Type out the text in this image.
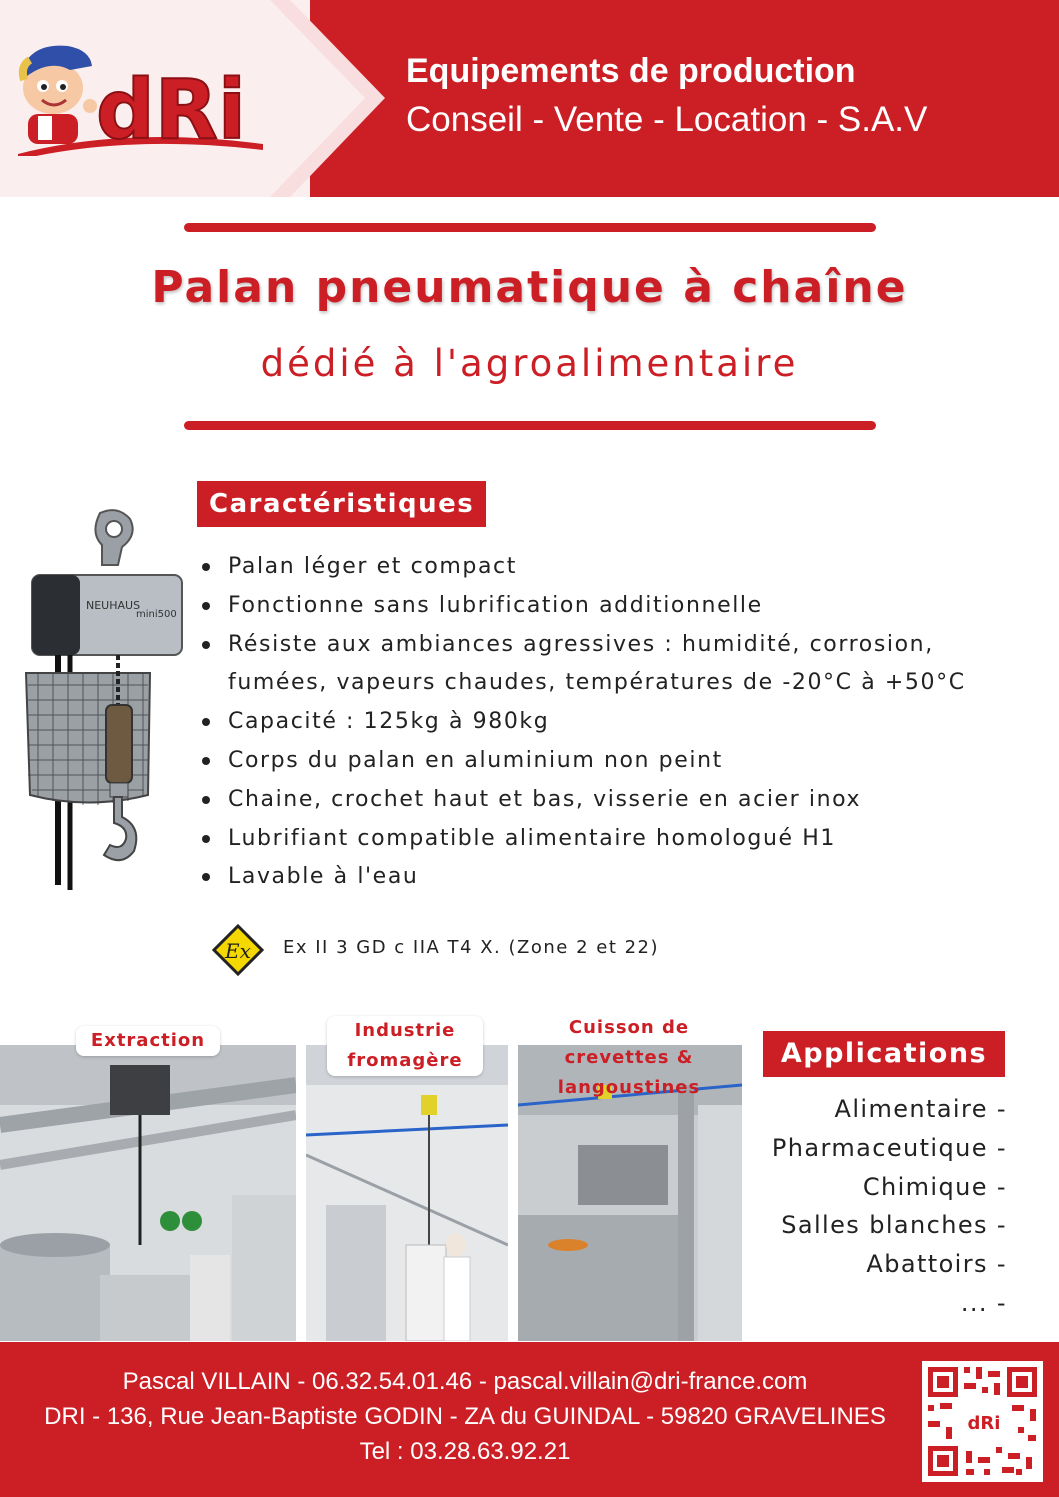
dRi	Equipements de production
Conseil - Vente - Location - S.A.V
Palan pneumatique à chaîne
dédié à l'agroalimentaire
NEUHAUS
mini500
Caractéristiques
Palan léger et compact
Fonctionne sans lubrification additionnelle
Résiste aux ambiances agressives : humidité, corrosion, fumées, vapeurs chaudes, températures de -20°C à +50°C
Capacité : 125kg à 980kg
Corps du palan en aluminium non peint
Chaine, crochet haut et bas, visserie en acier inox
Lubrifiant compatible alimentaire homologué H1
Lavable à l'eau
Ex Ex II 3 GD c IIA T4 X. (Zone 2 et 22)
Extraction	Industrie fromagère
Cuisson de crevettes & langoustines
Applications
Alimentaire -
Pharmaceutique -
Chimique -
Salles blanches -
Abattoirs -
... -
Pascal VILLAIN - 06.32.54.01.46 - pascal.villain@dri-france.com
DRI - 136, Rue Jean-Baptiste GODIN - ZA du GUINDAL - 59820 GRAVELINES
Tel : 03.28.63.92.21
dRi
